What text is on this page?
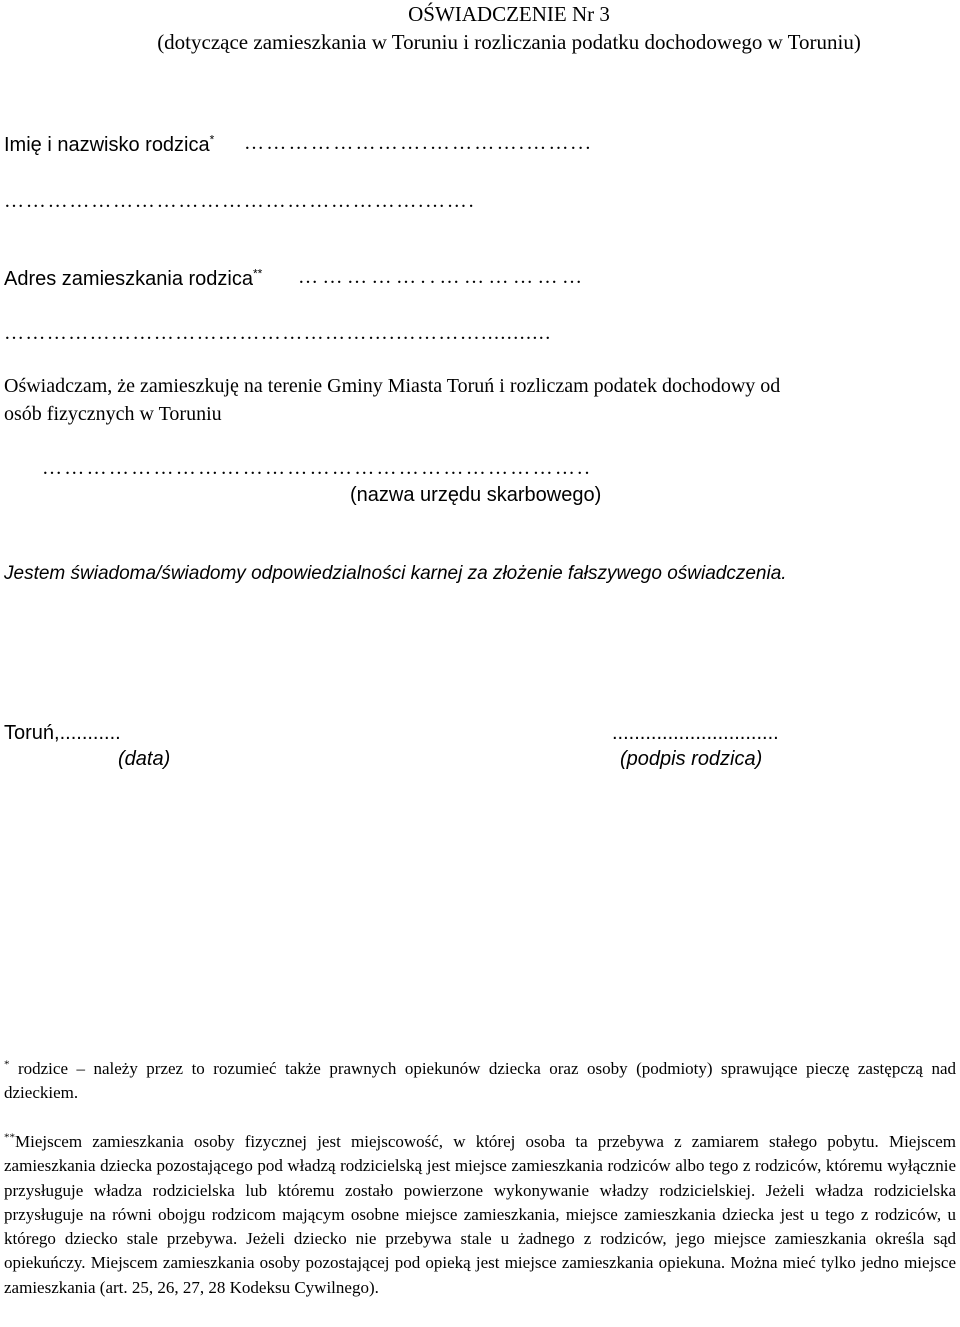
OŚWIADCZENIE Nr 3
(dotyczące zamieszkania w Toruniu i rozliczania podatku dochodowego w Toruniu)
Imię i nazwisko rodzica* …………………….………….……...
………………………………………………….…….
Adres zamieszkania rodzica** ……………..………………
……………………………………………….…………...........
Oświadczam, że zamieszkuję na terenie Gminy Miasta Toruń i rozliczam podatek dochodowy od
osób fizycznych w Toruniu
………………………………………………………………..
(nazwa urzędu skarbowego)
Jestem świadoma/świadomy odpowiedzialności karnej za złożenie fałszywego oświadczenia.
Toruń,...........
(data)
..............................
(podpis rodzica)
* rodzice – należy przez to rozumieć także prawnych opiekunów dziecka oraz osoby (podmioty) sprawujące pieczę zastępczą nad dzieckiem.
**Miejscem zamieszkania osoby fizycznej jest miejscowość, w której osoba ta przebywa z zamiarem stałego pobytu. Miejscem zamieszkania dziecka pozostającego pod władzą rodzicielską jest miejsce zamieszkania rodziców albo tego z rodziców, któremu wyłącznie przysługuje władza rodzicielska lub któremu zostało powierzone wykonywanie władzy rodzicielskiej. Jeżeli władza rodzicielska przysługuje na równi obojgu rodzicom mającym osobne miejsce zamieszkania, miejsce zamieszkania dziecka jest u tego z rodziców, u którego dziecko stale przebywa. Jeżeli dziecko nie przebywa stale u żadnego z rodziców, jego miejsce zamieszkania określa sąd opiekuńczy. Miejscem zamieszkania osoby pozostającej pod opieką jest miejsce zamieszkania opiekuna. Można mieć tylko jedno miejsce zamieszkania (art. 25, 26, 27, 28 Kodeksu Cywilnego).
